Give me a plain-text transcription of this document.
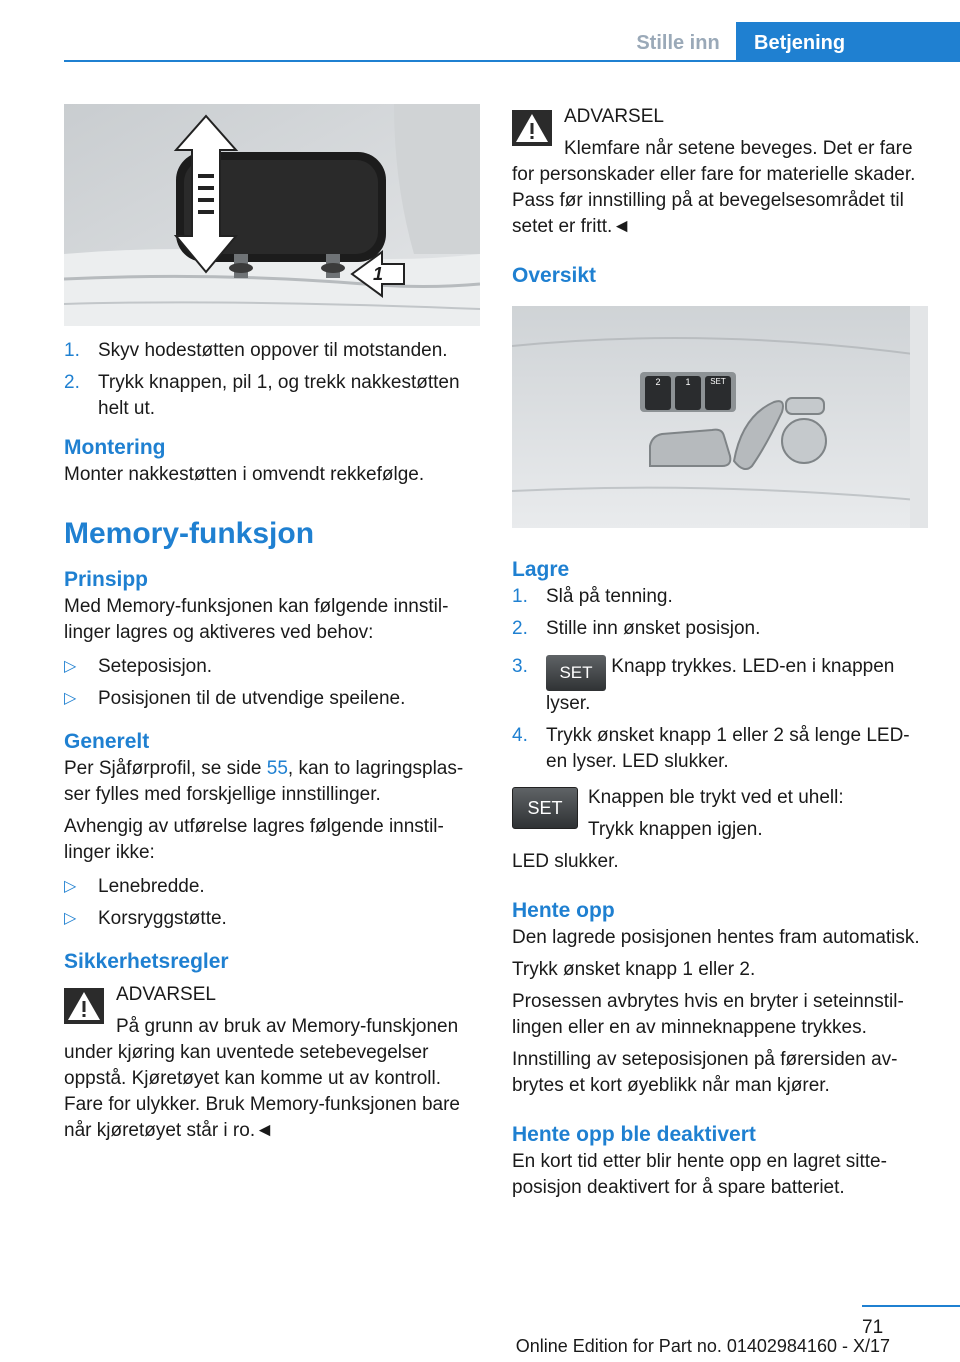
Stille inn	Betjening
1
1. Skyv hodestøtten oppover til motstanden.
2. Trykk knappen, pil 1, og trekk nakkestøtten helt ut.

Montering

Monter nakkestøtten i omvendt rekkefølge.

Memory-funksjon

Prinsipp

Med Memory-funksjonen kan følgende innstillinger lagres og aktiveres ved behov:

▷ Seteposisjon.
▷ Posisjonen til de utvendige speilene.

Generelt

Per Sjåførprofil, se side 55, kan to lagringsplasser fylles med forskjellige innstillinger.

Avhengig av utførelse lagres følgende innstillinger ikke:

▷ Lenebredde.
▷ Korsryggstøtte.

Sikkerhetsregler

ADVARSEL

På grunn av bruk av Memory-funskjonen

under kjøring kan uventede setebevegelser oppstå. Kjøretøyet kan komme ut av kontroll. Fare for ulykker. Bruk Memory-funksjonen bare når kjøretøyet står i ro.◄

ADVARSEL

Klemfare når setene beveges. Det er fare

for personskader eller fare for materielle skader. Pass før innstilling på at bevegelsesområdet til setet er fritt.◄

Oversikt

2	1	SET

Lagre

1. Slå på tenning.
2. Stille inn ønsket posisjon.
3. SET Knapp trykkes. LED-en i knappen lyser.
4. Trykk ønsket knapp 1 eller 2 så lenge LED-en lyser. LED slukker.
SET	Knappen ble trykt ved et uhell:

Trykk knappen igjen.

LED slukker.

Hente opp

Den lagrede posisjonen hentes fram automatisk.

Trykk ønsket knapp 1 eller 2.

Prosessen avbrytes hvis en bryter i seteinnstillingen eller en av minneknappene trykkes.

Innstilling av seteposisjonen på førersiden avbrytes et kort øyeblikk når man kjører.

Hente opp ble deaktivert

En kort tid etter blir hente opp en lagret sitteposisjon deaktivert for å spare batteriet.

71
Online Edition for Part no. 01402984160 - X/17
